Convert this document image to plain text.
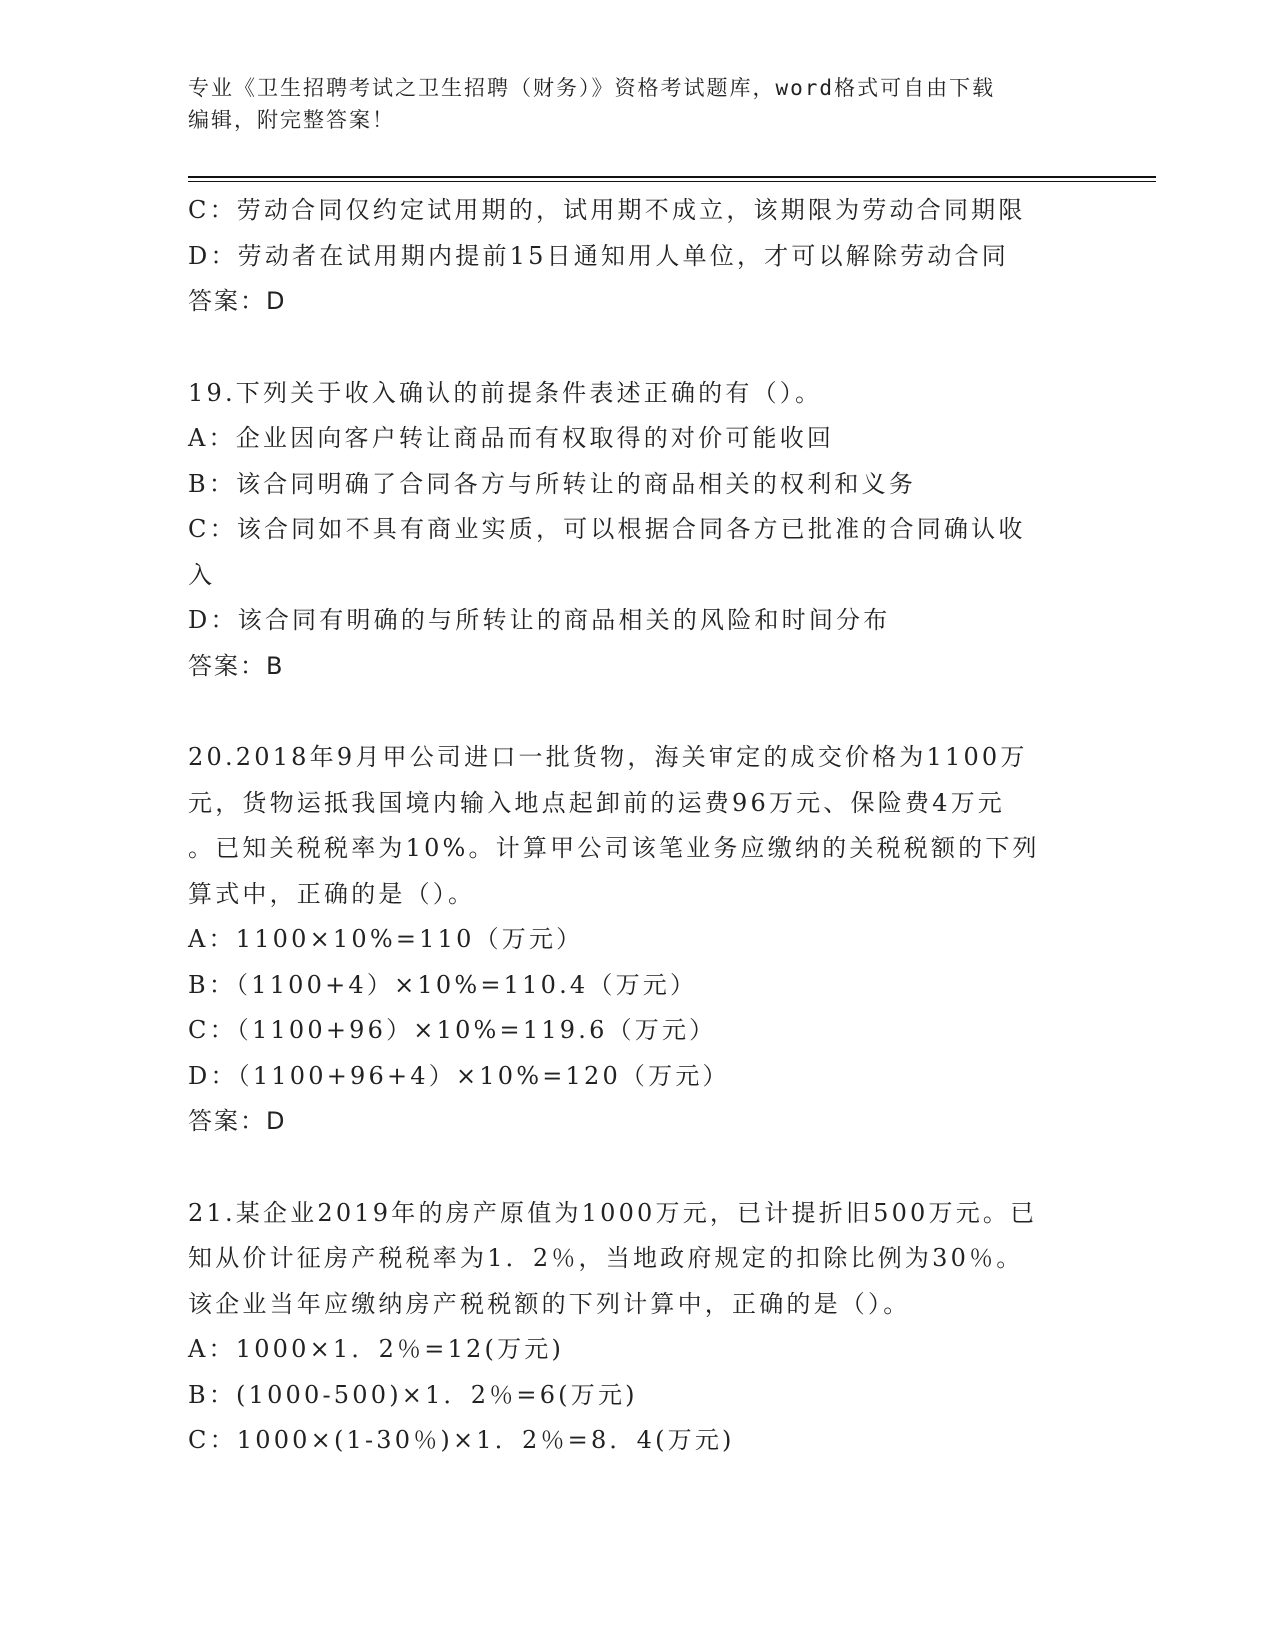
专业《卫生招聘考试之卫生招聘（财务）》资格考试题库，word格式可自由下载
编辑，附完整答案！
C：劳动合同仅约定试用期的，试用期不成立，该期限为劳动合同期限
D：劳动者在试用期内提前15日通知用人单位，才可以解除劳动合同
答案：D
19.下列关于收入确认的前提条件表述正确的有（）。
A：企业因向客户转让商品而有权取得的对价可能收回
B：该合同明确了合同各方与所转让的商品相关的权利和义务
C：该合同如不具有商业实质，可以根据合同各方已批准的合同确认收
入
D：该合同有明确的与所转让的商品相关的风险和时间分布
答案：B
20.2018年9月甲公司进口一批货物，海关审定的成交价格为1100万
元，货物运抵我国境内输入地点起卸前的运费96万元、保险费4万元
。已知关税税率为10%。计算甲公司该笔业务应缴纳的关税税额的下列
算式中，正确的是（）。
A：1100×10%=110（万元）
B：（1100+4）×10%=110.4（万元）
C：（1100+96）×10%=119.6（万元）
D：（1100+96+4）×10%=120（万元）
答案：D
21.某企业2019年的房产原值为1000万元，已计提折旧500万元。已
知从价计征房产税税率为1．2％，当地政府规定的扣除比例为30％。
该企业当年应缴纳房产税税额的下列计算中，正确的是（）。
A：1000×1．2％=12(万元)
B：(1000-500)×1．2％=6(万元)
C：1000×(1-30％)×1．2％=8．4(万元)
